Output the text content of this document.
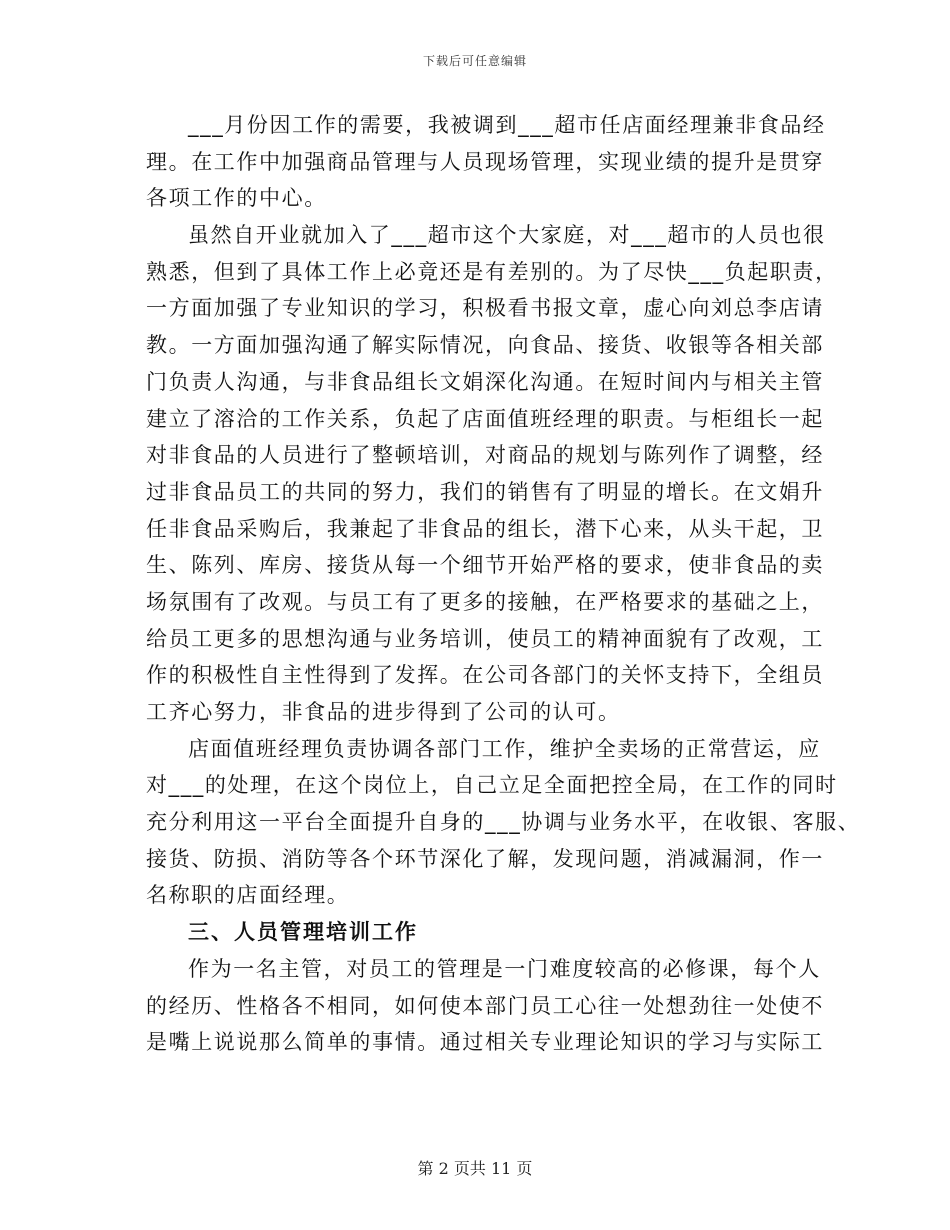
下载后可任意编辑
___月份因工作的需要，我被调到___超市任店面经理兼非食品经
理。在工作中加强商品管理与人员现场管理，实现业绩的提升是贯穿
各项工作的中心。
虽然自开业就加入了___超市这个大家庭，对___超市的人员也很
熟悉，但到了具体工作上必竟还是有差别的。为了尽快___负起职责，
一方面加强了专业知识的学习，积极看书报文章，虚心向刘总李店请
教。一方面加强沟通了解实际情况，向食品、接货、收银等各相关部
门负责人沟通，与非食品组长文娟深化沟通。在短时间内与相关主管
建立了溶洽的工作关系，负起了店面值班经理的职责。与柜组长一起
对非食品的人员进行了整顿培训，对商品的规划与陈列作了调整，经
过非食品员工的共同的努力，我们的销售有了明显的增长。在文娟升
任非食品采购后，我兼起了非食品的组长，潜下心来，从头干起，卫
生、陈列、库房、接货从每一个细节开始严格的要求，使非食品的卖
场氛围有了改观。与员工有了更多的接触，在严格要求的基础之上，
给员工更多的思想沟通与业务培训，使员工的精神面貌有了改观，工
作的积极性自主性得到了发挥。在公司各部门的关怀支持下，全组员
工齐心努力，非食品的进步得到了公司的认可。
店面值班经理负责协调各部门工作，维护全卖场的正常营运，应
对___的处理，在这个岗位上，自己立足全面把控全局，在工作的同时
充分利用这一平台全面提升自身的___协调与业务水平，在收银、客服、
接货、防损、消防等各个环节深化了解，发现问题，消减漏洞，作一
名称职的店面经理。
三、人员管理培训工作
作为一名主管，对员工的管理是一门难度较高的必修课，每个人
的经历、性格各不相同，如何使本部门员工心往一处想劲往一处使不
是嘴上说说那么简单的事情。通过相关专业理论知识的学习与实际工
第 2 页共 11 页
